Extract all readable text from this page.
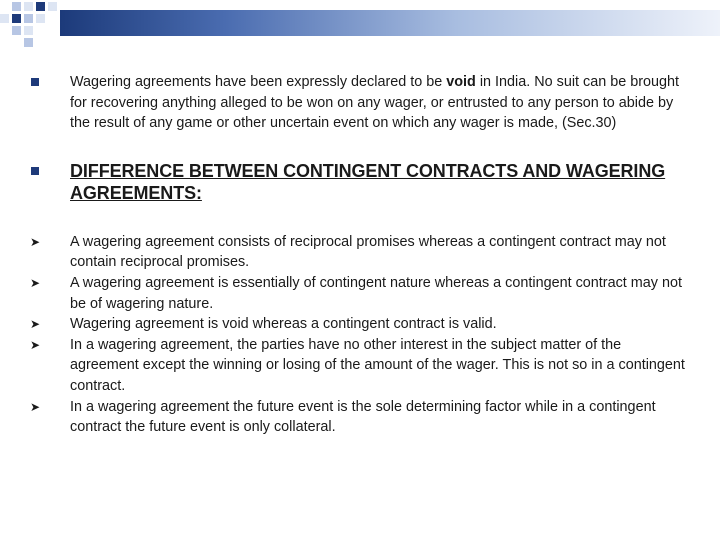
Wagering agreements have been expressly declared to be void in India. No suit can be brought for recovering anything alleged to be won on any wager, or entrusted to any person to abide by the result of any game or other uncertain event on which any wager is made, (Sec.30)
DIFFERENCE BETWEEN CONTINGENT CONTRACTS AND WAGERING AGREEMENTS:
➤ A wagering agreement consists of reciprocal promises whereas a contingent contract may not contain reciprocal promises.
➤ A wagering agreement is essentially of contingent nature whereas a contingent contract may not be of wagering nature.
➤ Wagering agreement is void whereas a contingent contract is valid.
➤ In a wagering agreement, the parties have no other interest in the subject matter of the agreement except the winning or losing of the amount of the wager. This is not so in a contingent contract.
➤ In a wagering agreement the future event is the sole determining factor while in a contingent contract the future event is only collateral.
